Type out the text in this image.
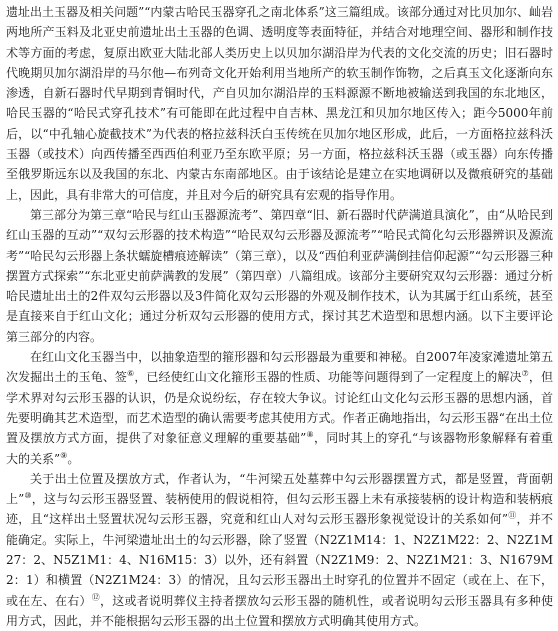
遗址出土玉器及相关问题”“内蒙古哈民玉器穿孔之南北体系”这三篇组成。该部分通过对比贝加尔、屾岩两地所产玉料及北亚史前遗址出土玉器的色调、透明度等表面特征，并结合对地理空间、器形和制作技术等方面的考虑，复原出欧亚大陆北部人类历史上以贝加尔湖沿岸为代表的文化交流的历史；旧石器时代晚期贝加尔湖沿岸的马尔他—布列奇文化开始利用当地所产的软玉制作饰物，之后真玉文化逐渐向东渗透，自新石器时代早期到青铜时代，产自贝加尔湖沿岸的玉料源源不断地被输送到我国的东北地区，哈民玉器的“哈民式穿孔技术”有可能即在此过程中自吉林、黑龙江和贝加尔地区传入；距今5000年前后，以“中孔轴心旋截技术”为代表的格拉兹科沃白玉传统在贝加尔地区形成，此后，一方面格拉兹科沃玉器（或技术）向西传播至西西伯利亚乃至东欧平原；另一方面，格拉兹科沃玉器（或玉器）向东传播至俄罗斯远东以及我国的东北、内蒙古东南部地区。由于该结论是建立在实地调研以及微痕研究的基础上，因此，具有非常大的可信度，并且对今后的研究具有宏观的指导作用。

第三部分为第三章“哈民与红山玉器源流考”、第四章“旧、新石器时代萨满道具演化”，由“从哈民到红山玉器的互动”“双勾云形器的技术构造”“哈民双勾云形器及源流考”“哈民式简化勾云形器辨识及源流考”“哈民勾云形器上条状蠕旋槽痕迹解读”（第三章），以及“西伯利亚萨满倒挂信仰起源”“勾云形器三种摆置方式探索”“东北亚史前萨满教的发展”（第四章）八篇组成。该部分主要研究双勾云形器：通过分析哈民遗址出土的2件双勾云形器以及3件简化双勾云形器的外观及制作技术，认为其属于红山系统，甚至是直接来自于红山文化；通过分析双勾云形器的使用方式，探讨其艺术造型和思想内涵。以下主要评论第三部分的内容。

在红山文化玉器当中，以抽象造型的箍形器和勾云形器最为重要和神秘。自2007年凌家滩遗址第五次发掘出土的玉龟、签⑥，已经使红山文化箍形玉器的性质、功能等问题得到了一定程度上的解决⑦，但学术界对勾云形玉器的认识，仍是众说纷纭，存在较大争议。讨论红山文化勾云形玉器的思想内涵，首先要明确其艺术造型，而艺术造型的确认需要考虑其使用方式。作者正确地指出，勾云形玉器“在出土位置及摆放方式方面，提供了对象征意义理解的重要基础”⑧，同时其上的穿孔“与该器物形象解释有着重大的关系”⑨。

关于出土位置及摆放方式，作者认为，“牛河梁五处墓葬中勾云形器摆置方式，都是竖置，背面朝上”⑩，这与勾云形玉器竖置、装柄使用的假说相符，但勾云形玉器上未有承接装柄的设计构造和装柄痕迹，且“这样出土竖置状况勾云形玉器，究竟和红山人对勾云形玉器形象视觉设计的关系如何”⑪，并不能确定。实际上，牛河梁遗址出土的勾云形器，除了竖置（N2Z1M14：1、N2Z1M22：2、N2Z1M27：2、N5Z1M1：4、N16M15：3）以外，还有斜置（N2Z1M9：2、N2Z1M21：3、N1679M2：1）和横置（N2Z1M24：3）的情况，且勾云形玉器出土时穿孔的位置并不固定（或在上、在下，或在左、在右）⑫，这或者说明葬仪主持者摆放勾云形玉器的随机性，或者说明勾云形玉器具有多种使用方式，因此，并不能根据勾云形玉器的出土位置和摆放方式明确其使用方式。
